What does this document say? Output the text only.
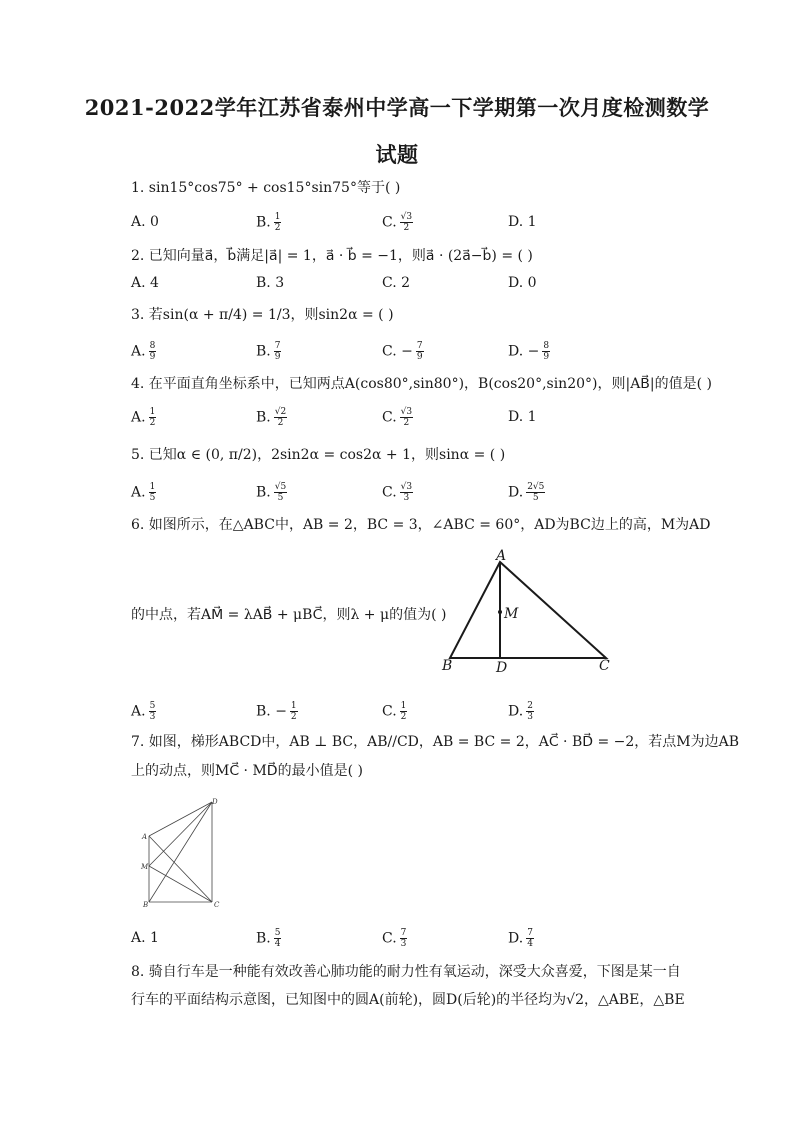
2021-2022学年江苏省泰州中学高一下学期第一次月度检测数学
试题
1. sin15°cos75° + cos15°sin75°等于( )
A. 0	B. $\frac{1}{2}$	C. $\frac{√3}{2}$	D. 1
2. 已知向量a⃗，b⃗满足|a⃗| = 1，a⃗ · b⃗ = −1，则a⃗ · (2a⃗−b⃗) = ( )
A. 4	B. 3	C. 2	D. 0
3. 若sin(α + π/4) = 1/3，则sin2α = ( )
A. $\frac{8}{9}$	B. $\frac{7}{9}$	C. − $\frac{7}{9}$	D. − $\frac{8}{9}$
4. 在平面直角坐标系中，已知两点A(cos80°,sin80°)，B(cos20°,sin20°)，则|AB⃗|的值是( )
A. $\frac{1}{2}$	B. $\frac{√2}{2}$	C. $\frac{√3}{2}$	D. 1
5. 已知α ∈ (0, π/2)，2sin2α = cos2α + 1，则sinα = ( )
A. $\frac{1}{5}$	B. $\frac{√5}{5}$	C. $\frac{√3}{3}$	D. $\frac{2√5}{5}$
6. 如图所示，在△ABC中，AB = 2，BC = 3，∠ABC = 60°，AD为BC边上的高，M为AD
的中点，若AM⃗ = λAB⃗ + μBC⃗，则λ + μ的值为( )
A
B	D	C
M
A. $\frac{5}{3}$	B. − $\frac{1}{2}$	C. $\frac{1}{2}$	D. $\frac{2}{3}$
7. 如图，梯形ABCD中，AB ⊥ BC，AB//CD，AB = BC = 2，AC⃗ · BD⃗ = −2，若点M为边AB
上的动点，则MC⃗ · MD⃗的最小值是( )
A
M
B	C
D
A. 1	B. $\frac{5}{4}$	C. $\frac{7}{3}$	D. $\frac{7}{4}$
8. 骑自行车是一种能有效改善心肺功能的耐力性有氧运动，深受大众喜爱，下图是某一自
行车的平面结构示意图，已知图中的圆A(前轮)，圆D(后轮)的半径均为√2，△ABE，△BE
